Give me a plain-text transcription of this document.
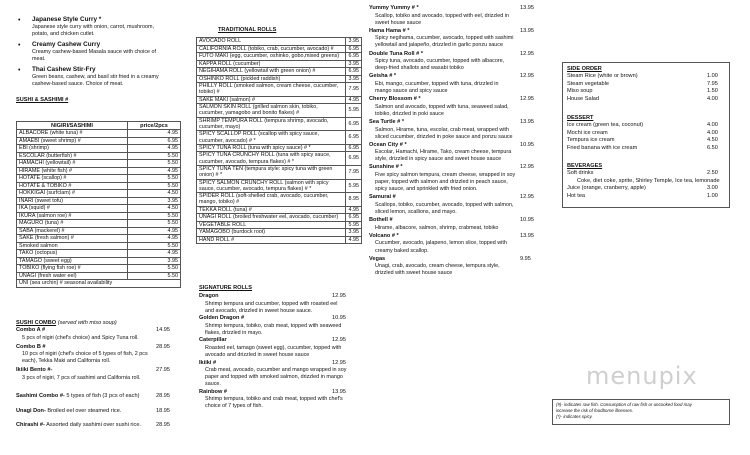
• Japanese Style Curry *
Japanese style curry with onion, carrot, mushroom,
potato, and chicken cutlet.
• Creamy Cashew Curry
Creamy cashew-based Masala sauce with choice of
meat.
• Thai Cashew Stir-Fry
Green beans, cashew, and basil stir fried in a creamy
cashew-based sauce. Choice of meat.
SUSHI & SASHIMI #
NIGIRI/SASHIMI	price/2pcs
ALBACORE (white tuna) #	4.95
AMAEBI (sweet shrimp) #	6.95
EBI (shrimp)	4.95
ESCOLAR (butterfish) #	5.50
HAMACHI (yellowtail) #	5.50
HIRAME (white fish) #	4.95
HOTATE (scallop) #	5.50
HOTATE & TOBIKO #	5.50
HOKKIGAI (surfclam) #	4.50
INARI (sweet tofu)	3.95
IKA (squid) #	4.50
IKURA (salmon roe) #	5.50
MAGURO (tuna) #	5.50
SABA (mackerel) #	4.95
SAKE (fresh salmon) #	4.95
Smoked salmon	5.50
TAKO (octopus)	4.95
TAMAGO (sweet egg)	3.95
TOBIKO (flying fish roe) #	5.50
UNAGI (fresh water eel)	5.50
UNI (sea urchin) # seasonal availability	
SUSHI COMBO (served with miso soup)
Combo A #	14.95
5 pcs of nigiri (chef's choice) and Spicy Tuna roll.
Combo B #	28.95
10 pcs of nigiri (chef's choice of 5 types of fish, 2 pcs
each), Tekka Maki and California roll.
Ikiiki Bento #-	27.95
3 pcs of nigiri, 7 pcs of sashimi and California roll.
Sashimi Combo #- 5 types of fish (3 pcs of each)	28.95
Unagi Don- Broiled eel over steamed rice.	18.95
Chirashi #- Assorted daily sashimi over sushi rice.	28.95
TRADITIONAL ROLLS
AVOCADO ROLL	3.95
CALIFORNIA ROLL (tobiko, crab, cucumber, avocado) #	6.95
FUTO MAKI (egg, cucumber, oshinko, gobo,mixed greens)	6.95
KAPPA ROLL (cucumber)	3.95
NEGIHAMA ROLL (yellowtail with green onion) #	6.95
OSHINKO ROLL (pickled raddish)	3.95
PHILLY ROLL (smoked salmon, cream cheese, cucumber,
tobiko) #	7.95
SAKE MAKI (salmon) #	4.95
SALMON SKIN ROLL (grilled salmon skin, tobiko,
cucumber, yamagobo and bonito flakes) #	5.95
SHRIMP TEMPURA ROLL (tempura shrimp, avocado,
cucumber, mayo)	6.95
SPICY SCALLOP ROLL (scallop with spicy sauce,
cucumber, avocado) # *	6.95
SPICY TUNA ROLL (tuna with spicy sauce) # *	6.95
SPICY TUNA CRUNCHY ROLL (tuna with spicy sauce,
cucumber, avocado, tempura flakes) # *	6.95
SPICY TUNA TEN (tempura style: spicy tuna with green
onion) # *	7.95
SPICY SALMON CRUNCHY ROLL (salmon with spicy
sauce, cucumber, avocado, tempura flakes) # *	5.95
SPIDER ROLL (soft-shelled crab, avocado, cucumber,
mango, tobiko) #	8.95
TEKKA ROLL (tuna) #	4.95
UNAGI ROLL (broiled freshwater eel, avocado, cucumber)	6.95
VEGETABLE ROLL	5.95
YAMAGOBO (burdock root)	3.95
HAND ROLL #	4.95
SIGNATURE ROLLS
Dragon	12.95
Shrimp tempura and cucumber, topped with roasted eel
and avocado, drizzled in sweet house sauce.
Golden Dragon #	10.95
Shrimp tempura, tobiko, crab meat, topped with seaweed
flakes, drizzled in mayo.
Caterpillar	12.95
Roasted eel, tamago (sweet egg), cucumber, topped with
avocado and drizzled in sweet house sauce
Ikiiki #	12.95
Crab meat, avocado, cucumber and mango wrapped in soy
paper and topped with smoked salmon, drizzled in mango
sauce.
Rainbow #	13.95
Shrimp tempura, tobiko and crab meat, topped with chef's
choice of 7 types of fish.
Yummy Yummy # *	13.95
Scallop, tobiko and avocado, topped with eel, drizzled in
sweet house sauce
Hama Hama # *	13.95
Spicy negihama, cucumber, avocado, topped with sashimi
yellowtail and jalapeño, drizzled in garlic ponzu sauce
Double Tuna Roll # *	12.95
Spicy tuna, avocado, cucumber, topped with albacore,
deep-fried shallots and wasabi tobiko
Geisha # *	12.95
Ebi, mango, cucumber, topped with tuna, drizzled in
mango sauce and spicy sauce
Cherry Blossom # *	12.95
Salmon and avocado, topped with tuna, seaweed salad,
tobiko, drizzled in poki sauce
Sea Turtle # *	13.95
Salmon, Hirame, tuna, escolar, crab meat, wrapped with
sliced cucumber, drizzled in poke sauce and ponzu sauce
Ocean City # *	10.95
Escolar, Hamachi, Hirame, Tako, cream cheese, tempura
style, drizzled in spicy sauce and sweet house sauce
Sunshine # *	12.95
Five spicy salmon tempura, cream cheese, wrapped in soy
paper, topped with salmon and drizzled in peach sauce,
spicy sauce, and sprinkled with fried onion.
Samurai #	12.95
Scallops, tobiko, cucumber, avocado, topped with salmon,
sliced lemon, scallions, and mayo.
Bothell #	10.95
Hirame, albacore, salmon, shrimp, crabmeat, tobiko
Volcano # *	13.95
Cucumber, avocado, jalapeno, lemon slice, topped with
creamy baked scallop.
Vegas	9.95
Unagi, crab, avocado, cream cheese, tempura style,
drizzled with sweet house sauce
SIDE ORDER
Steam Rice (white or brown)	1.00
Steam vegetable	7.95
Miso soup	1.50
House Salad	4.00
DESSERT
Ice cream (green tea, coconut)	4.00
Mochi ice cream	4.00
Tempura ice cream	4.50
Fried banana with ice cream	6.50
BEVERAGES
Soft drinks	2.50
Coke, diet coke, sprite, Shirley Temple, Ice tea, lemonade
Juice (orange, cranberry, apple)	3.00
Hot tea	1.00
menupix
(#)- indicates raw fish. Consumption of raw fish or uncooked food may
increase the risk of foodborne illnesses.
(*)- indicates spicy.
